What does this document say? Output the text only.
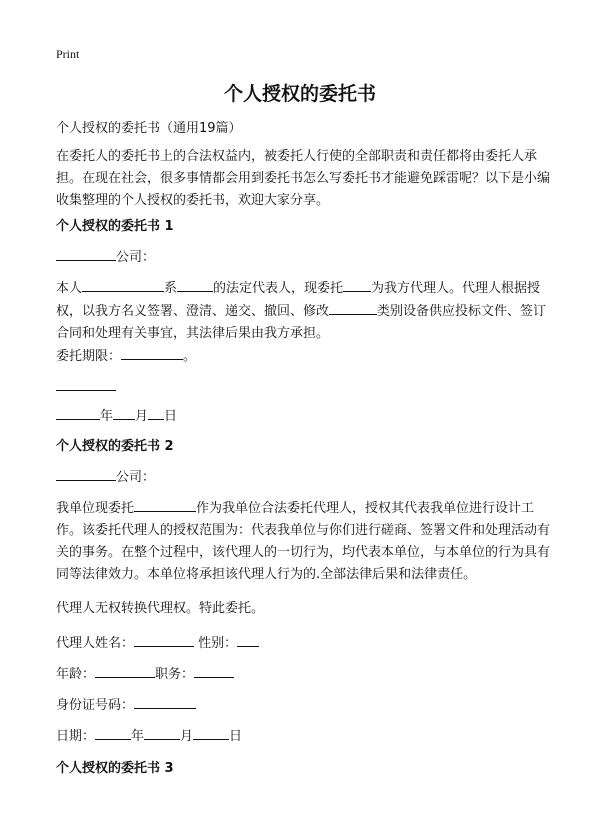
Print
个人授权的委托书
个人授权的委托书（通用19篇）
在委托人的委托书上的合法权益内，被委托人行使的全部职责和责任都将由委托人承担。在现在社会，很多事情都会用到委托书怎么写委托书才能避免踩雷呢？以下是小编收集整理的个人授权的委托书，欢迎大家分享。
个人授权的委托书 1
公司：
本人	系	的法定代表人，现委托 为我方代理人。代理人根据授权，以我方名义签署、澄清、递交、撤回、修改	类别设备供应投标文件、签订合同和处理有关事宜，其法律后果由我方承担。
委托期限：	。
年 月 日
个人授权的委托书 2
公司：
我单位现委托	作为我单位合法委托代理人，授权其代表我单位进行设计工作。该委托代理人的授权范围为：代表我单位与你们进行磋商、签署文件和处理活动有关的事务。在整个过程中，该代理人的一切行为，均代表本单位，与本单位的行为具有同等法律效力。本单位将承担该代理人行为的.全部法律后果和法律责任。
代理人无权转换代理权。特此委托。
代理人姓名：	性别：
年龄：	职务：
身份证号码：
日期：	年	月	日
个人授权的委托书 3
